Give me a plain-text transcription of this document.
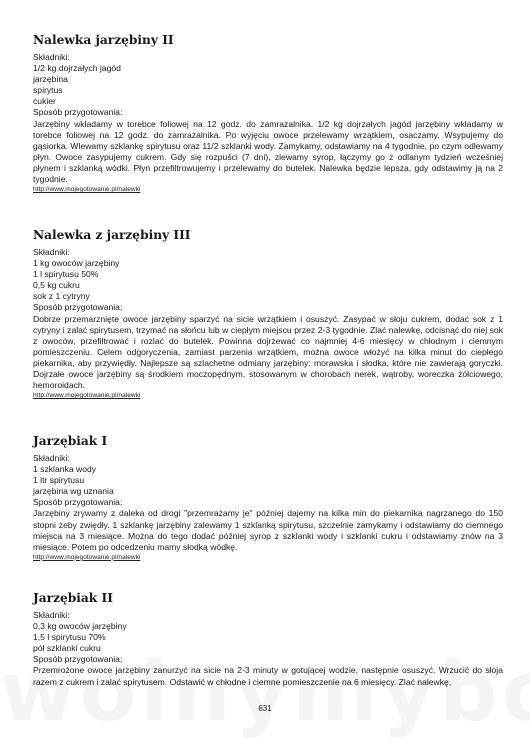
Nalewka jarzębiny II
Składniki:
1/2 kg dojrzałych jagód
jarzębina
spirytus
cukier
Sposób przygotowania:
Jarzębiny wkładamy w torebce foliowej na 12 godz. do zamrażalnika. 1/2 kg dojrzałych jagód jarzębiny wkładamy w torebce foliowej na 12 godz. do zamrażalnika. Po wyjęciu owoce przelewamy wrzątkiem, osaczamy. Wsypujemy do gąsiorka. Wlewamy szklankę spirytusu oraz 11/2 szklanki wody. Zamykamy, odstawiamy na 4 tygodnie, po czym odlewamy płyn. Owoce zasypujemy cukrem. Gdy się rozpuści (7 dni), zlewamy syrop, łączymy go z odlanym tydzień wcześniej płynem i szklanką wódki. Płyn przefiltrowujemy i przelewamy do butelek. Nalewka będzie lepsza, gdy odstawimy ją na 2 tygodnie.
http://www.mojegotowanie.pl/nalewki
Nalewka z jarzębiny III
Składniki:
1 kg owoców jarzębiny
1 l spirytusu 50%
0,5 kg cukru
sok z 1 cytryny
Sposób przygotowania:
Dobrze przemarznięte owoce jarzębiny sparzyć na sicie wrzątkiem i osuszyć. Zasypać w słoju cukrem, dodać sok z 1 cytryny i zalać spirytusem, trzymać na słońcu lub w ciepłym miejscu przez 2-3 tygodnie. Zlać nalewkę, odcisnąć do niej sok z owoców, przefiltrować i rozlać do butelek. Powinna dojrzewać co najmniej 4-6 miesięcy w chłodnym i ciemnym pomieszczeniu. Celem odgoryczenia, zamiast parzenia wrzątkiem, można owoce włożyć na kilka minut do ciepłego piekarnika, aby przywiędły. Najlepsze są szlachetne odmiany jarzębiny: morawska i słodka, które nie zawierają goryczki. Dojrzałe owoce jarzębiny są środkiem moczopędnym, stosowanym w chorobach nerek, wątroby, woreczka żółciowego, hemoroidach.
http://www.mojegotowanie.pl/nalewki
Jarzębiak I
Składniki:
1 szklanka wody
1 ltr spirytusu
jarzębina wg uznania
Sposób przygotowania:
Jarzębiny zrywamy z daleka od drogi "przemrażamy je" później dajemy na kilka min do piekarnika nagrzanego do 150 stopni żeby zwiędły. 1 szklankę jarzębiny zalewamy 1 szklanką spirytusu, szczelnie zamykamy i odstawiamy do ciemnego miejsca na 3 miesiące. Można do tego dodać później syrop z szklanki wody i szklanki cukru i odstawiamy znów na 3 miesiące. Potem po odcedzeniu mamy słodką wódkę.
http://www.mojegotowanie.pl/nalewki
Jarzębiak II
Składniki:
0,3 kg owoców jarzębiny
1,5 l spirytusu 70%
pół szklanki cukru
Sposób przygotowania:
Przemrożone owoce jarzębiny zanurzyć na sicie na 2-3 minuty w gotującej wodzie, następnie osuszyć. Wrzucić do słoja razem z cukrem i zalać spirytusem. Odstawić w chłodne i ciemne pomieszczenie na 6 miesięcy. Zlać nalewkę,
631
